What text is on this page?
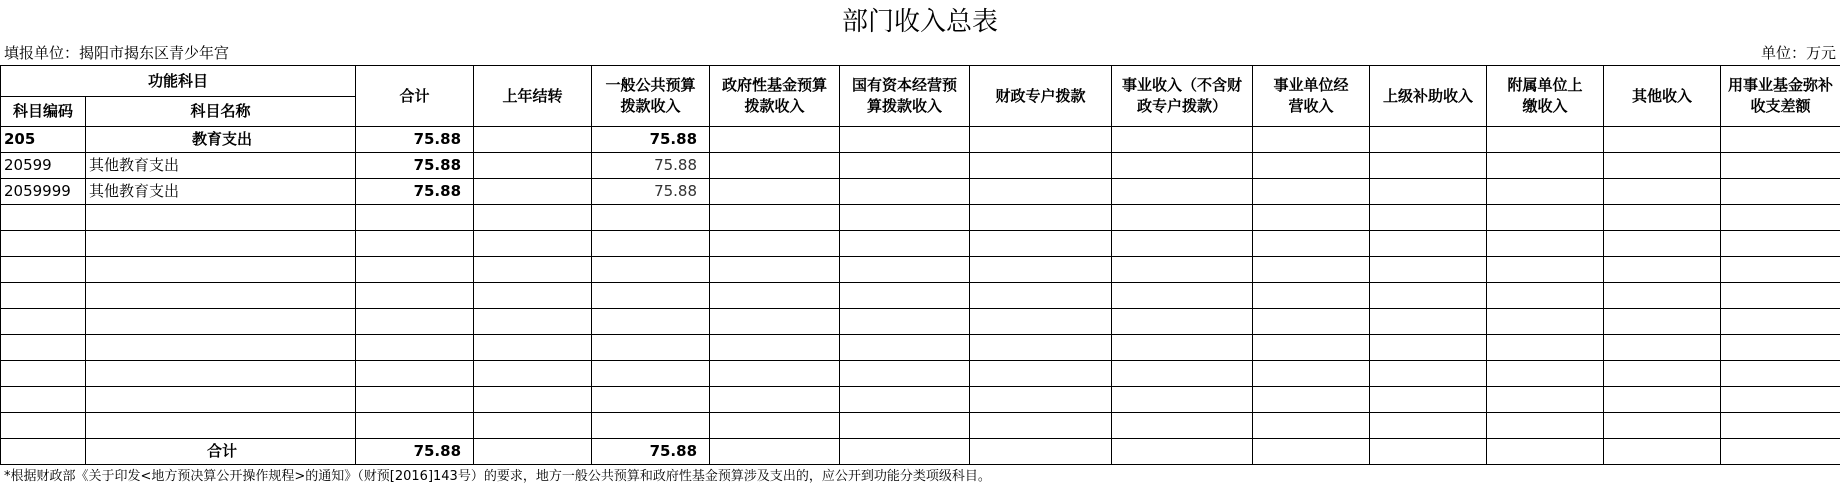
部门收入总表
填报单位：揭阳市揭东区青少年宫	单位：万元
功能科目		合计	上年结转	一般公共预算拨款收入	政府性基金预算拨款收入	国有资本经营预算拨款收入	财政专户拨款	事业收入（不含财政专户拨款）	事业单位经营收入	上级补助收入	附属单位上缴收入	其他收入	用事业基金弥补收支差额
科目编码	科目名称												
205	教育支出	75.88		75.88									
20599	其他教育支出	75.88		75.88									
2059999	其他教育支出	75.88		75.88									

	合计	75.88		75.88									
*根据财政部《关于印发<地方预决算公开操作规程>的通知》（财预[2016]143号）的要求，地方一般公共预算和政府性基金预算涉及支出的，应公开到功能分类项级科目。
